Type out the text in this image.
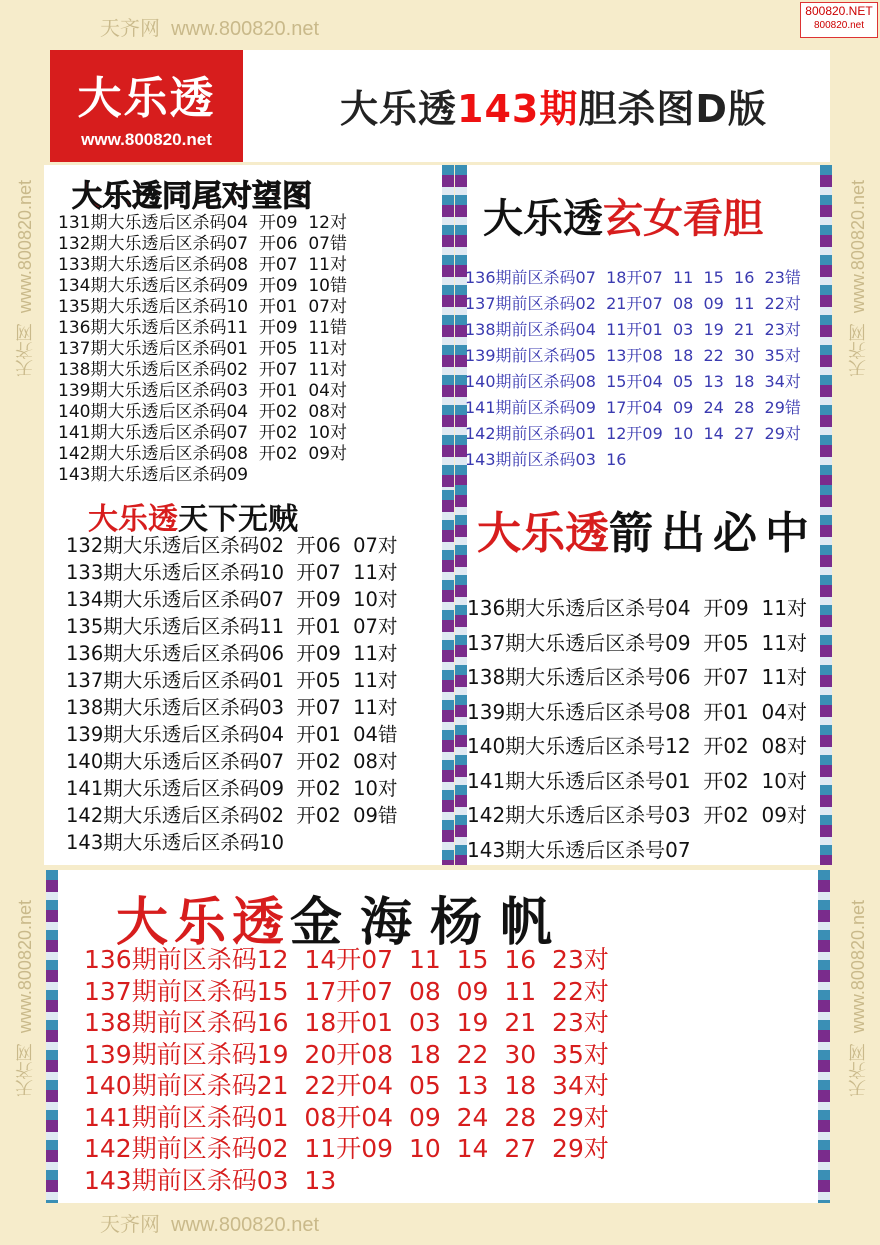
天齐网 www.800820.net
天齐网 www.800820.net
天齐网  www.800820.net
天齐网  www.800820.net
天齐网  www.800820.net
天齐网  www.800820.net
800820.NET
800820.net
大乐透
www.800820.net
大乐透143期胆杀图D版
大乐透同尾对望图
131期大乐透后区杀码04  开09  12对
132期大乐透后区杀码07  开06  07错
133期大乐透后区杀码08  开07  11对
134期大乐透后区杀码09  开09  10错
135期大乐透后区杀码10  开01  07对
136期大乐透后区杀码11  开09  11错
137期大乐透后区杀码01  开05  11对
138期大乐透后区杀码02  开07  11对
139期大乐透后区杀码03  开01  04对
140期大乐透后区杀码04  开02  08对
141期大乐透后区杀码07  开02  10对
142期大乐透后区杀码08  开02  09对
143期大乐透后区杀码09
大乐透玄女看胆
136期前区杀码07  18开07  11  15  16  23错
137期前区杀码02  21开07  08  09  11  22对
138期前区杀码04  11开01  03  19  21  23对
139期前区杀码05  13开08  18  22  30  35对
140期前区杀码08  15开04  05  13  18  34对
141期前区杀码09  17开04  09  24  28  29错
142期前区杀码01  12开09  10  14  27  29对
143期前区杀码03  16
大乐透天下无贼
132期大乐透后区杀码02  开06  07对
133期大乐透后区杀码10  开07  11对
134期大乐透后区杀码07  开09  10对
135期大乐透后区杀码11  开01  07对
136期大乐透后区杀码06  开09  11对
137期大乐透后区杀码01  开05  11对
138期大乐透后区杀码03  开07  11对
139期大乐透后区杀码04  开01  04错
140期大乐透后区杀码07  开02  08对
141期大乐透后区杀码09  开02  10对
142期大乐透后区杀码02  开02  09错
143期大乐透后区杀码10
大乐透箭出必中
136期大乐透后区杀号04  开09  11对
137期大乐透后区杀号09  开05  11对
138期大乐透后区杀号06  开07  11对
139期大乐透后区杀号08  开01  04对
140期大乐透后区杀号12  开02  08对
141期大乐透后区杀号01  开02  10对
142期大乐透后区杀号03  开02  09对
143期大乐透后区杀号07
大乐透金海杨帆
136期前区杀码12  14开07  11  15  16  23对
137期前区杀码15  17开07  08  09  11  22对
138期前区杀码16  18开01  03  19  21  23对
139期前区杀码19  20开08  18  22  30  35对
140期前区杀码21  22开04  05  13  18  34对
141期前区杀码01  08开04  09  24  28  29对
142期前区杀码02  11开09  10  14  27  29对
143期前区杀码03  13
